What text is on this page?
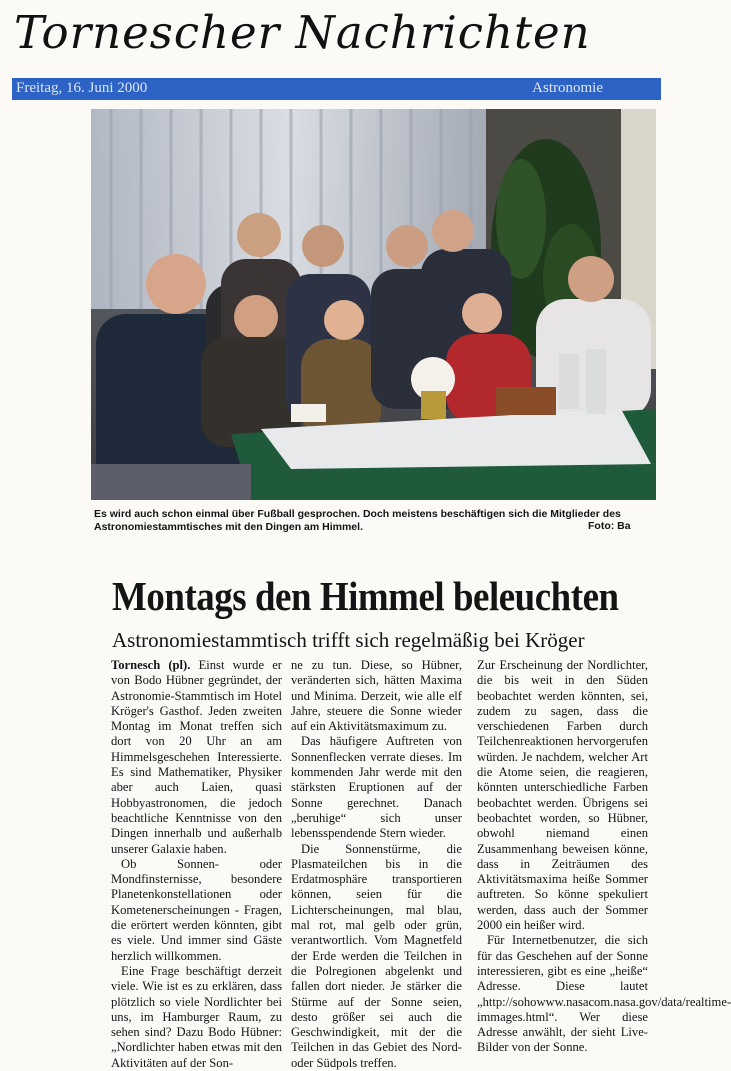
Tornescher Nachrichten
Freitag, 16. Juni 2000	Astronomie
Es wird auch schon einmal über Fußball gesprochen. Doch meistens beschäftigen sich die Mitglieder des Astronomiestammtisches mit den Dingen am Himmel.	Foto: Ba
Montags den Himmel beleuchten
Astronomiestammtisch trifft sich regelmäßig bei Kröger

Tornesch (pl). Einst wurde er von Bodo Hübner gegründet, der Astronomie-Stammtisch im Hotel Kröger's Gasthof. Jeden zweiten Montag im Monat treffen sich dort von 20 Uhr an am Himmelsgeschehen Interessierte. Es sind Mathematiker, Physiker aber auch Laien, quasi Hobbyastronomen, die jedoch beachtliche Kenntnisse von den Dingen innerhalb und außerhalb unserer Galaxie haben.

Ob Sonnen- oder Mondfinsternisse, besondere Planetenkonstellationen oder Kometenerscheinungen - Fragen, die erörtert werden könnten, gibt es viele. Und immer sind Gäste herzlich willkommen.

Eine Frage beschäftigt derzeit viele. Wie ist es zu erklären, dass plötzlich so viele Nordlichter bei uns, im Hamburger Raum, zu sehen sind? Dazu Bodo Hübner: „Nordlichter haben etwas mit den Aktivitäten auf der Son-

ne zu tun. Diese, so Hübner, veränderten sich, hätten Maxima und Minima. Derzeit, wie alle elf Jahre, steuere die Sonne wieder auf ein Aktivitätsmaximum zu.

Das häufigere Auftreten von Sonnenflecken verrate dieses. Im kommenden Jahr werde mit den stärksten Eruptionen auf der Sonne gerechnet. Danach „beruhige“ sich unser lebensspendende Stern wieder.

Die Sonnenstürme, die Plasmateilchen bis in die Erdatmosphäre transportieren können, seien für die Lichterscheinungen, mal blau, mal rot, mal gelb oder grün, verantwortlich. Vom Magnetfeld der Erde werden die Teilchen in die Polregionen abgelenkt und fallen dort nieder. Je stärker die Stürme auf der Sonne seien, desto größer sei auch die Geschwindigkeit, mit der die Teilchen in das Gebiet des Nord- oder Südpols treffen.

Zur Erscheinung der Nordlichter, die bis weit in den Süden beobachtet werden könnten, sei, zudem zu sagen, dass die verschiedenen Farben durch Teilchenreaktionen hervorgerufen würden. Je nachdem, welcher Art die Atome seien, die reagieren, könnten unterschiedliche Farben beobachtet werden. Übrigens sei beobachtet worden, so Hübner, obwohl niemand einen Zusammenhang beweisen könne, dass in Zeiträumen des Aktivitätsmaxima heiße Sommer auftreten. So könne spekuliert werden, dass auch der Sommer 2000 ein heißer wird.

Für Internetbenutzer, die sich für das Geschehen auf der Sonne interessieren, gibt es eine „heiße“ Adresse. Diese lautet „http://sohowww.nasacom.nasa.gov/data/realtime-immages.html“. Wer diese Adresse anwählt, der sieht Live-Bilder von der Sonne.
